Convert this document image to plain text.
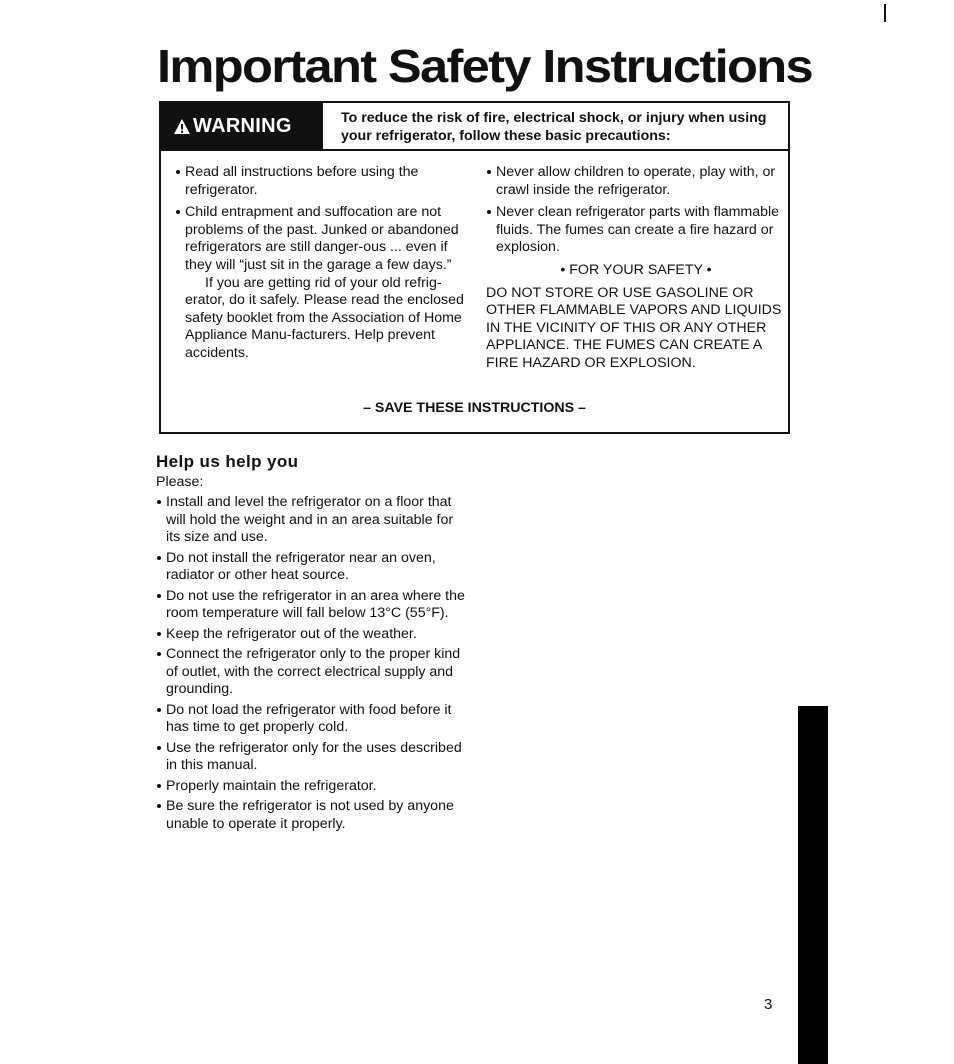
Important Safety Instructions
WARNING	To reduce the risk of fire, electrical shock, or injury when using your refrigerator, follow these basic precautions:
Read all instructions before using the refrigerator.
Child entrapment and suffocation are not problems of the past. Junked or abandoned refrigerators are still danger-ous ... even if they will “just sit in the garage a few days.”

If you are getting rid of your old refrig-erator, do it safely. Please read the enclosed safety booklet from the Association of Home Appliance Manu-facturers. Help prevent accidents.

Never allow children to operate, play with, or crawl inside the refrigerator.
Never clean refrigerator parts with flammable fluids. The fumes can create a fire hazard or explosion.
• FOR YOUR SAFETY •
DO NOT STORE OR USE GASOLINE OR OTHER FLAMMABLE VAPORS AND LIQUIDS IN THE VICINITY OF THIS OR ANY OTHER APPLIANCE. THE FUMES CAN CREATE A FIRE HAZARD OR EXPLOSION.
– SAVE THESE INSTRUCTIONS –
Help us help you
Please:
Install and level the refrigerator on a floor that will hold the weight and in an area suitable for its size and use.
Do not install the refrigerator near an oven, radiator or other heat source.
Do not use the refrigerator in an area where the room temperature will fall below 13°C (55°F).
Keep the refrigerator out of the weather.
Connect the refrigerator only to the proper kind of outlet, with the correct electrical supply and grounding.
Do not load the refrigerator with food before it has time to get properly cold.
Use the refrigerator only for the uses described in this manual.
Properly maintain the refrigerator.
Be sure the refrigerator is not used by anyone unable to operate it properly.
3
